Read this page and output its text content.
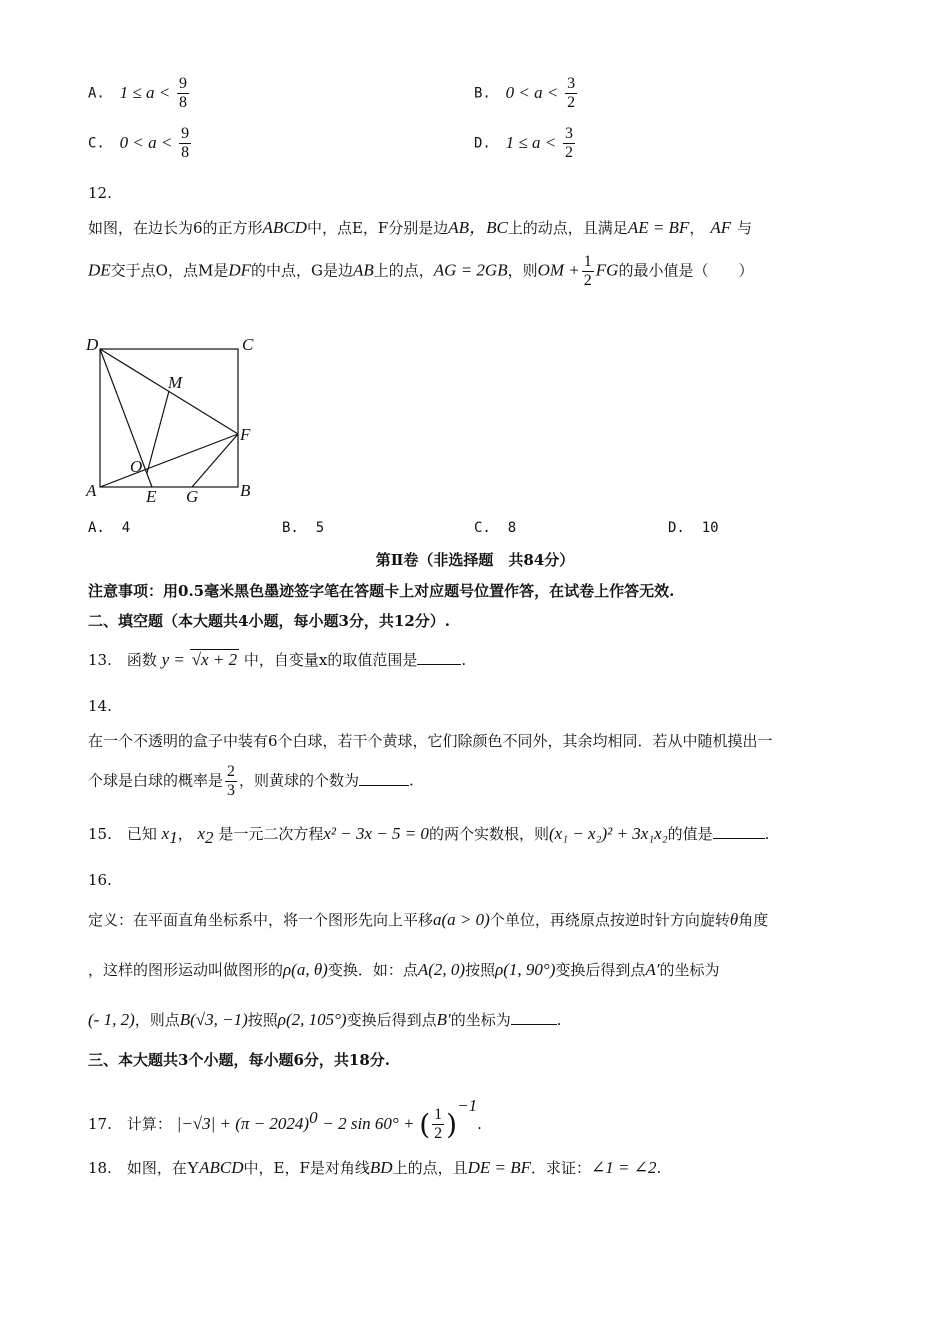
A. $1 \le a < \frac{9}{8}$	B. $0 < a < \frac{3}{2}$
C. $0 < a < \frac{9}{8}$	D. $1 \le a < \frac{3}{2}$
12.
如图，在边长为6的正方形ABCD中，点E，F分别是边AB，BC上的动点，且满足AE = BF， AF 与
DE交于点O，点M是DF的中点，G是边AB上的点，AG = 2GB，则OM + $\frac{1}{2}$ FG的最小值是（　　）
D	C
M
F
O
A	E G B
A. 4	B. 5	C. 8	D. 10
第Ⅱ卷（非选择题　共84分）
注意事项：用0.5毫米黑色墨迹签字笔在答题卡上对应题号位置作答，在试卷上作答无效.
二、填空题（本大题共4小题，每小题3分，共12分）.
13.　函数 y = √x + 2 中，自变量x的取值范围是	.
14.
在一个不透明的盒子中装有6个白球，若干个黄球，它们除颜色不同外，其余均相同．若从中随机摸出一
个球是白球的概率是 $\frac{2}{3}$ ，则黄球的个数为	.
15.　已知 $x_1$， $x_2$ 是一元二次方程x² − 3x − 5 = 0的两个实数根，则(x₁ − x₂)² + 3x₁x₂的值是	.
16.
定义：在平面直角坐标系中，将一个图形先向上平移a(a > 0)个单位，再绕原点按逆时针方向旋转θ角度
，这样的图形运动叫做图形的ρ(a, θ)变换．如：点A(2, 0)按照ρ(1, 90°)变换后得到点A′的坐标为
(- 1, 2)，则点B(√3, −1)按照ρ(2, 105°)变换后得到点B′的坐标为	.
三、本大题共3个小题，每小题6分，共18分.
17.　计算： $|-√3| + (\pi - 2024)^0 - 2$ sin 60° + ( $\frac{1}{2} )^{-1}$.
18.　如图，在YABCD中，E，F是对角线BD上的点，且DE = BF．求证：∠1 = ∠2.
